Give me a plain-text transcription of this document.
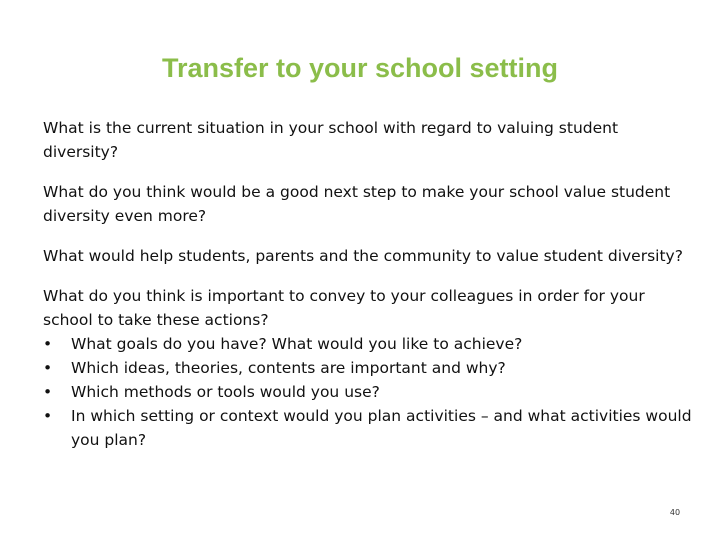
Transfer to your school setting

What is the current situation in your school with regard to valuing student diversity?

What do you think would be a good next step to make your school value student diversity even more?

What would help students, parents and the community to value student diversity?

What do you think is important to convey to your colleagues in order for your school to take these actions?

•	What goals do you have? What would you like to achieve?
•	Which ideas, theories, contents are important and why?
•	Which methods or tools would you use?
•	In which setting or context would you plan activities – and what activities would you plan?
40
